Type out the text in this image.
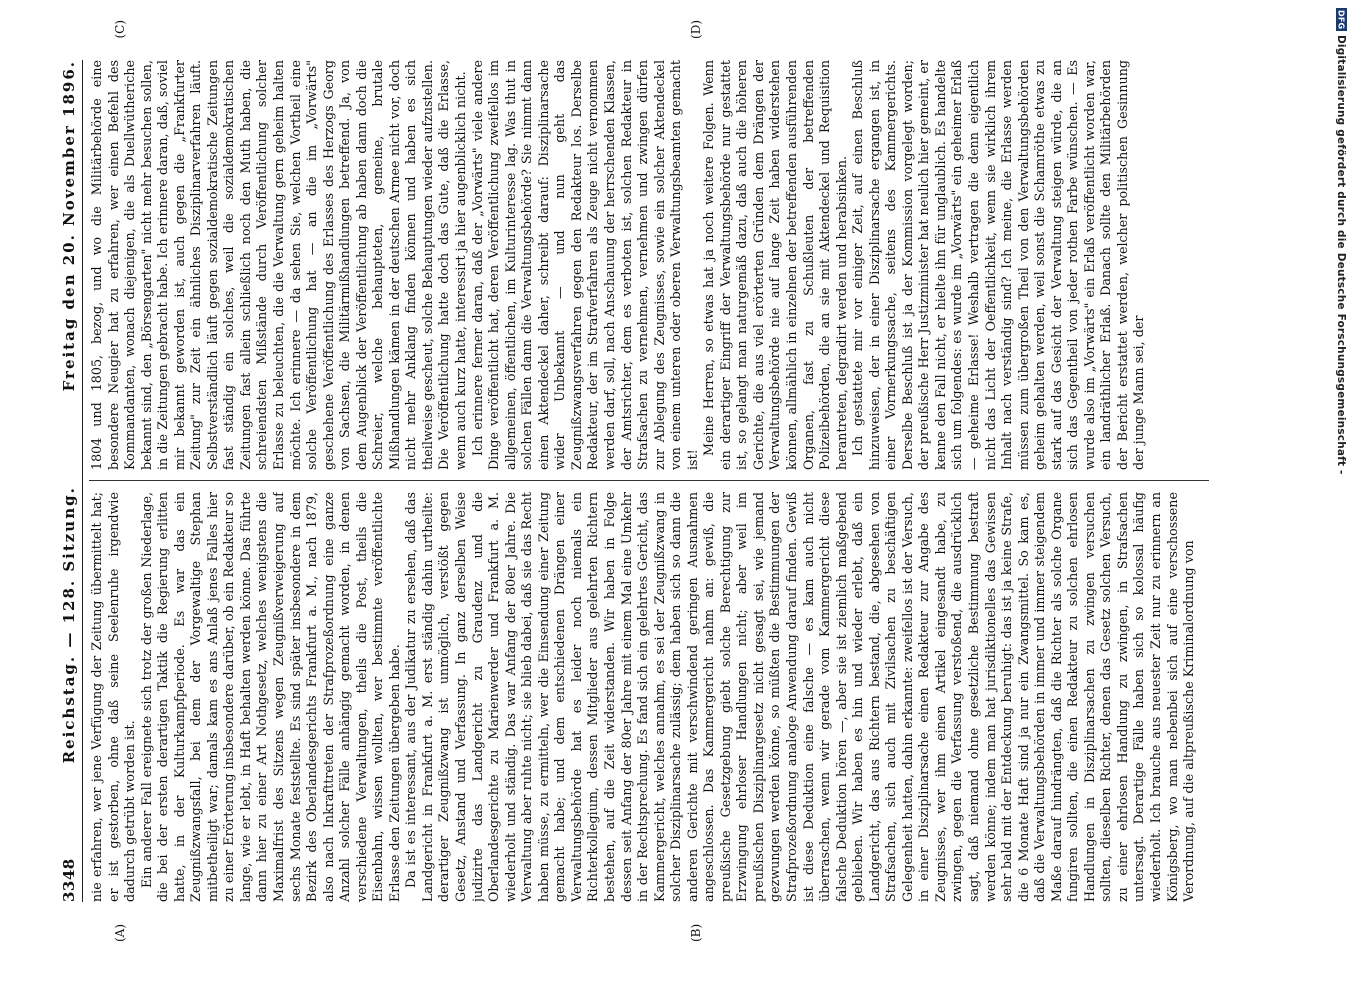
3348
Reichstag. — 128. Sitzung.
Freitag den 20. November 1896.
(A)	(B)
(C)	(D)

nie erfahren, wer jene Verfügung der Zeitung übermittelt hat; er ist gestorben, ohne daß seine Seelenruhe irgendwie dadurch getrübt worden ist. Ein anderer Fall ereignete sich trotz der großen Niederlage, die bei der ersten derartigen Taktik die Regierung erlitten hatte, in der Kulturkampfperiode. Es war das ein Zeugnißzwangsfall, bei dem der Vorgewaltige Stephan mitbetheiligt war; damals kam es ans Anlaß jenes Falles hier zu einer Erörterung insbesondere darüber, ob ein Redakteur so lange, wie er lebt, in Haft behalten werden könne. Das führte dann hier zu einer Art Nothgesetz, welches wenigstens die Maximalfrist des Sitzens wegen Zeugnißverweigerung auf sechs Monate feststellte. Es sind später insbesondere in dem Bezirk des Oberlandesgerichts Frankfurt a. M., nach 1879, also nach Inkrafttreten der Strafprozeßordnung eine ganze Anzahl solcher Fälle anhängig gemacht worden, in denen verschiedene Verwaltungen, theils die Post, theils die Eisenbahn, wissen wollten, wer bestimmte veröffentlichte Erlasse den Zeitungen übergeben habe. Da ist es interessant, aus der Judikatur zu ersehen, daß das Landgericht in Frankfurt a. M. erst ständig dahin urtheilte: derartiger Zeugnißzwang ist unmöglich, verstößt gegen Gesetz, Anstand und Verfassung. In ganz derselben Weise judizirte das Landgericht zu Graudenz und die Oberlandesgerichte zu Marienwerder und Frankfurt a. M. wiederholt und ständig. Das war Anfang der 80er Jahre. Die Verwaltung aber ruhte nicht; sie blieb dabei, daß sie das Recht haben müsse, zu ermitteln, wer die Einsendung einer Zeitung gemacht habe; und dem entschiedenen Drängen einer Verwaltungsbehörde hat es leider noch niemals ein Richterkollegium, dessen Mitglieder aus gelehrten Richtern bestehen, auf die Zeit widerstanden. Wir haben in Folge dessen seit Anfang der 80er Jahre mit einem Mal eine Umkehr in der Rechtsprechung. Es fand sich ein gelehrtes Gericht, das Kammergericht, welches annahm, es sei der Zeugnißzwang in solcher Disziplinarsache zulässig; dem haben sich so dann die anderen Gerichte mit verschwindend geringen Ausnahmen angeschlossen. Das Kammergericht nahm an: gewiß, die preußische Gesetzgebung giebt solche Berechtigung zur Erzwingung ehrloser Handlungen nicht; aber weil im preußischen Disziplinargesetz nicht gesagt sei, wie jemand gezwungen werden könne, so müßten die Bestimmungen der Strafprozeßordnung analoge Anwendung darauf finden. Gewiß ist diese Deduktion eine falsche — es kam auch nicht überraschen, wenn wir gerade vom Kammergericht diese falsche Deduktion hören —, aber sie ist ziemlich maßgebend geblieben. Wir haben es hin und wieder erlebt, daß ein Landgericht, das aus Richtern bestand, die, abgesehen von Strafsachen, sich auch mit Zivilsachen zu beschäftigen Gelegenheit hatten, dahin erkannte: zweifellos ist der Versuch, in einer Disziplinarsache einen Redakteur zur Angabe des Zeugnisses, wer ihm einen Artikel eingesandt habe, zu zwingen, gegen die Verfassung verstoßend, die ausdrücklich sagt, daß niemand ohne gesetzliche Bestimmung bestraft werden könne; indem man hat jurisdiktionelles das Gewissen sehr bald mit der Entdeckung beruhigt: das ist ja keine Strafe, die 6 Monate Haft sind ja nur ein Zwangsmittel. So kam es, daß die Verwaltungsbehörden in immer und immer steigendem Maße darauf hindrängten, daß die Richter als solche Organe fungiren sollten, die einen Redakteur zu solchen ehrlosen Handlungen in Disziplinarsachen zu zwingen versuchen sollten, dieselben Richter, denen das Gesetz solchen Versuch, zu einer ehrlosen Handlung zu zwingen, in Strafsachen untersagt. Derartige Fälle haben sich so kolossal häufig wiederholt. Ich brauche aus neuester Zeit nur zu erinnern an Königsberg, wo man nebenbei sich auf eine verschossene Verordnung, auf die altpreußische Kriminalordnung von

1804 und 1805, bezog, und wo die Militärbehörde eine besondere Neugier hat zu erfahren, wer einen Befehl des Kommandanten, wonach diejenigen, die als Duellwütheriche bekannt sind, den „Börsengarten" nicht mehr besuchen sollen, in die Zeitungen gebracht habe. Ich erinnere daran, daß, soviel mir bekannt geworden ist, auch gegen die „Frankfurter Zeitung" zur Zeit ein ähnliches Disziplinarverfahren läuft. Selbstverständlich läuft gegen sozialdemokratische Zeitungen fast ständig ein solches, weil die sozialdemokratischen Zeitungen fast allein schließlich noch den Muth haben, die schreiendsten Mißstände durch Veröffentlichung solcher Erlasse zu beleuchten, die die Verwaltung gern geheim halten möchte. Ich erinnere — da sehen Sie, welchen Vortheil eine solche Veröffentlichung hat — an die im „Vorwärts" geschehene Veröffentlichung des Erlasses des Herzogs Georg von Sachsen, die Militärmißhandlungen betreffend. Ja, von dem Augenblick der Veröffentlichung ab haben dann doch die Schreier, welche behaupteten, gemeine, brutale Mißhandlungen kämen in der deutschen Armee nicht vor, doch nicht mehr Anklang finden können und haben es sich theilweise gescheut, solche Behauptungen wieder aufzustellen. Die Veröffentlichung hatte doch das Gute, daß die Erlasse, wenn auch kurz hatte, interessirt ja hier augenblicklich nicht. Ich erinnere ferner daran, daß der „Vorwärts" viele andere Dinge veröffentlicht hat, deren Veröffentlichung zweifellos im allgemeinen, öffentlichen, im Kulturinteresse lag. Was thut in solchen Fällen dann die Verwaltungsbehörde? Sie nimmt dann einen Aktendeckel daher, schreibt darauf: Disziplinarsache wider Unbekannt — und nun geht das Zeugnißzwangsverfahren gegen den Redakteur los. Derselbe Redakteur, der im Strafverfahren als Zeuge nicht vernommen werden darf, soll, nach Anschauung der herrschenden Klassen, der Amtsrichter, dem es verboten ist, solchen Redakteur in Strafsachen zu vernehmen, vernehmen und zwingen dürfen zur Ablegung des Zeugnisses, sowie ein solcher Aktendeckel von einem unteren oder oberen Verwaltungsbeamten gemacht ist!

Meine Herren, so etwas hat ja noch weitere Folgen. Wenn ein derartiger Eingriff der Verwaltungsbehörde nur gestattet ist, so gelangt man naturgemäß dazu, daß auch die höheren Gerichte, die aus viel erörterten Gründen dem Drängen der Verwaltungsbehörde nie auf lange Zeit haben widerstehen können, allmählich in einzelnen der betreffenden ausführenden Organen, fast zu Schußleuten der betreffenden Polizeibehörden, die an sie mit Aktendeckel und Requisition herantreten, degradirt werden und herabsinken. Ich gestattete mir vor einiger Zeit, auf einen Beschluß hinzuweisen, der in einer Disziplinarsache ergangen ist, in einer Vormerkungssache, seitens des Kammergerichts. Derselbe Beschluß ist ja der Kommission vorgelegt worden; der preußische Herr Justizminister hat neulich hier gemeint, er kenne den Fall nicht, er hielte ihn für unglaublich. Es handelte sich um folgendes: es wurde im „Vorwärts" ein geheimer Erlaß — geheime Erlasse! Weshalb vertragen die denn eigentlich nicht das Licht der Oeffentlichkeit, wenn sie wirklich ihrem Inhalt nach verständig sind? Ich meine, die Erlasse werden müssen zum übergroßen Theil von den Verwaltungsbehörden geheim gehalten werden, weil sonst die Schamröthe etwas zu stark auf das Gesicht der Verwaltung steigen würde, die an sich das Gegentheil von jeder rothen Farbe wünschen. — Es wurde also im „Vorwärts" ein Erlaß veröffentlicht worden war, ein landräthlicher Erlaß. Danach sollte den Militärbehörden der Bericht erstattet werden, welcher politischen Gesinnung der junge Mann sei, der

DFG
Digitalisierung gefördert durch die Deutsche Forschungsgemeinschaft -
